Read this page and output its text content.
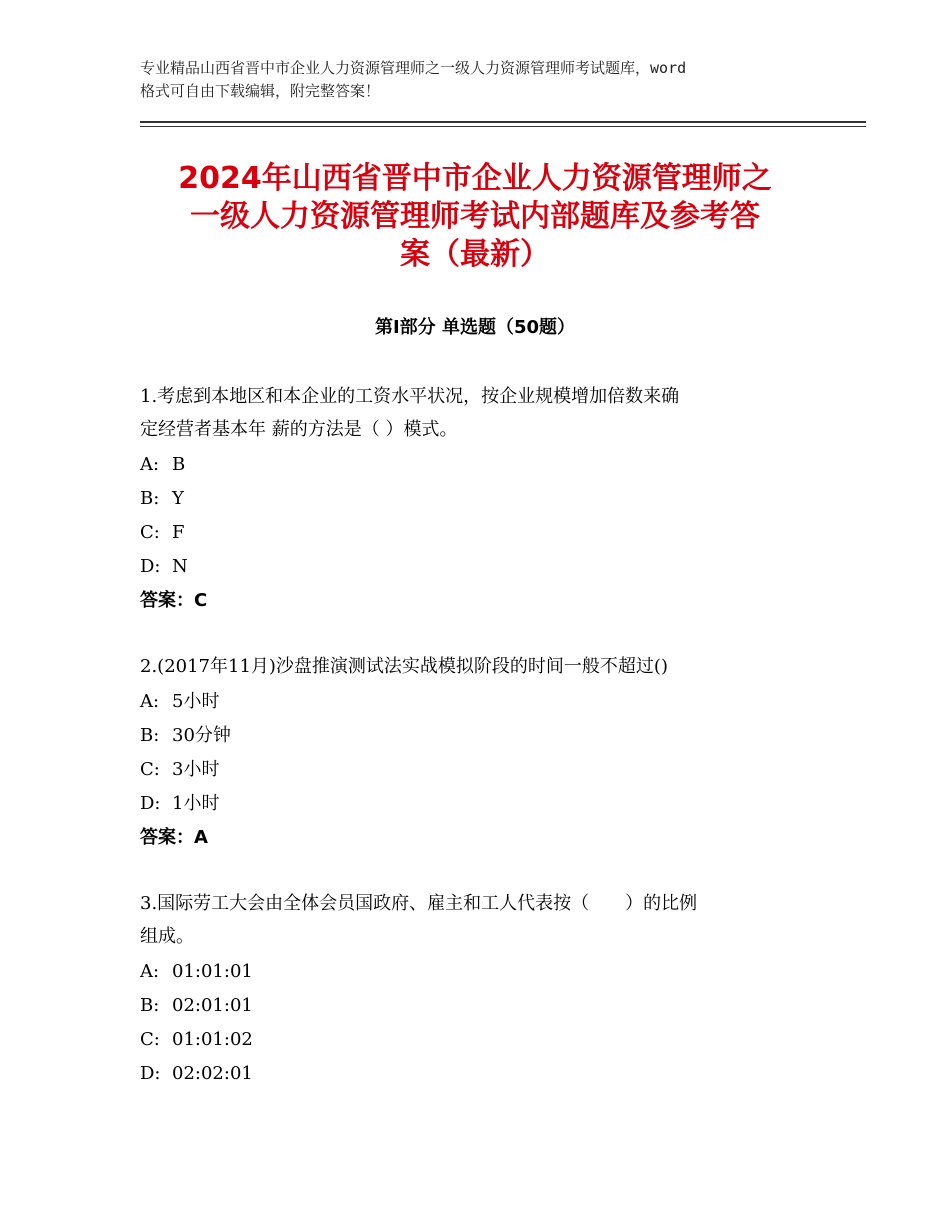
专业精品山西省晋中市企业人力资源管理师之一级人力资源管理师考试题库，word
格式可自由下载编辑，附完整答案！
2024年山西省晋中市企业人力资源管理师之
一级人力资源管理师考试内部题库及参考答
案（最新）
第Ⅰ部分 单选题（50题）
1.考虑到本地区和本企业的工资水平状况，按企业规模增加倍数来确
定经营者基本年 薪的方法是（ ）模式。
A: B
B: Y
C: F
D: N
答案：C
2.(2017年11月)沙盘推演测试法实战模拟阶段的时间一般不超过()
A: 5小时
B: 30分钟
C: 3小时
D: 1小时
答案：A
3.国际劳工大会由全体会员国政府、雇主和工人代表按（　　）的比例
组成。
A: 01:01:01
B: 02:01:01
C: 01:01:02
D: 02:02:01
